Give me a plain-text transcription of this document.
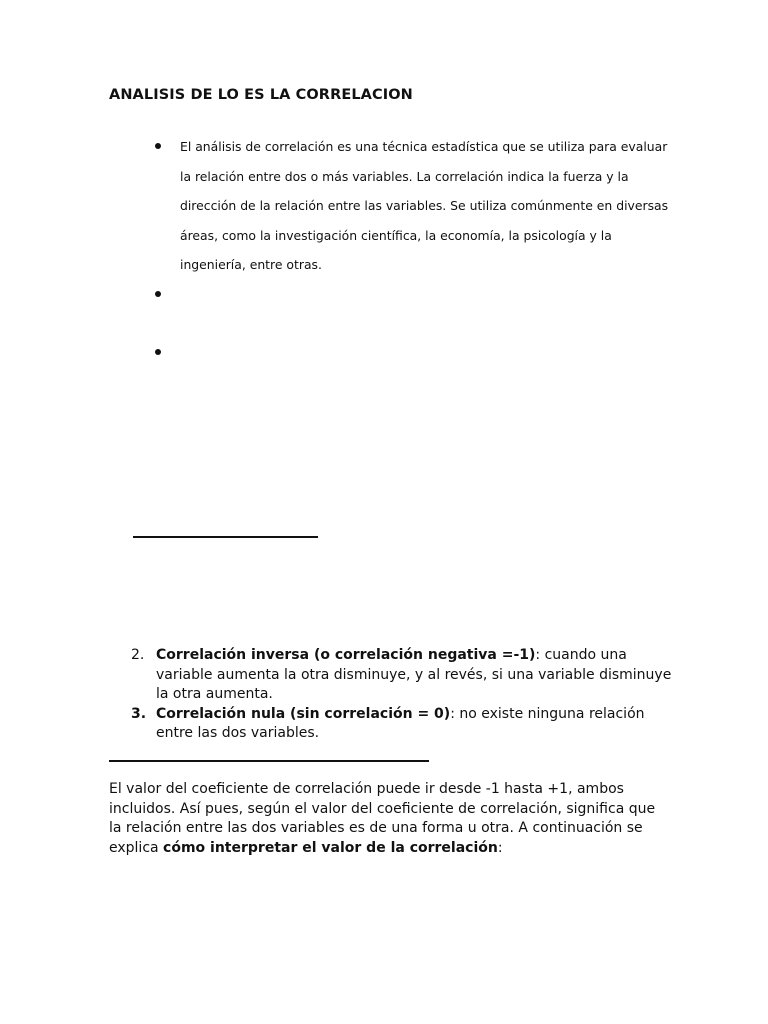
ANALISIS DE LO ES LA CORRELACION
El análisis de correlación es una técnica estadística que se utiliza para evaluar la relación entre dos o más variables. La correlación indica la fuerza y la dirección de la relación entre las variables. Se utiliza comúnmente en diversas áreas, como la investigación científica, la economía, la psicología y la ingeniería, entre otras.
2. Correlación inversa (o correlación negativa =-1): cuando una variable aumenta la otra disminuye, y al revés, si una variable disminuye la otra aumenta.
3. Correlación nula (sin correlación = 0): no existe ninguna relación entre las dos variables.

El valor del coeficiente de correlación puede ir desde -1 hasta +1, ambos incluidos. Así pues, según el valor del coeficiente de correlación, significa que la relación entre las dos variables es de una forma u otra. A continuación se explica cómo interpretar el valor de la correlación:
